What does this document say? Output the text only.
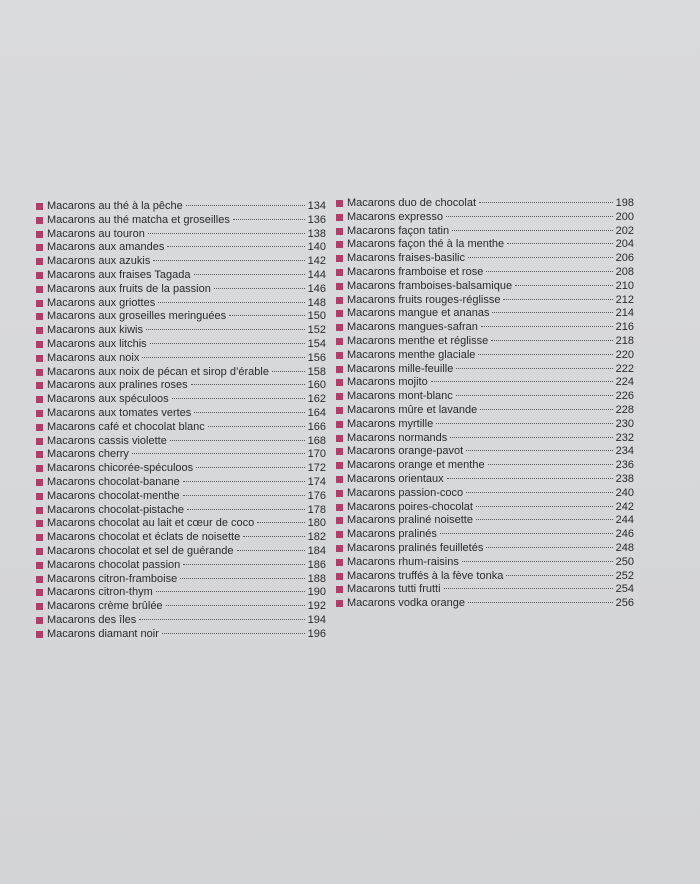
Macarons au thé à la pêche	134
Macarons au thé matcha et groseilles	136
Macarons au touron	138
Macarons aux amandes	140
Macarons aux azukis	142
Macarons aux fraises Tagada	144
Macarons aux fruits de la passion	146
Macarons aux griottes	148
Macarons aux groseilles meringuées	150
Macarons aux kiwis	152
Macarons aux litchis	154
Macarons aux noix	156
Macarons aux noix de pécan et sirop d’érable	158
Macarons aux pralines roses	160
Macarons aux spéculoos	162
Macarons aux tomates vertes	164
Macarons café et chocolat blanc	166
Macarons cassis violette	168
Macarons cherry	170
Macarons chicorée-spéculoos	172
Macarons chocolat-banane	174
Macarons chocolat-menthe	176
Macarons chocolat-pistache	178
Macarons chocolat au lait et cœur de coco	180
Macarons chocolat et éclats de noisette	182
Macarons chocolat et sel de guérande	184
Macarons chocolat passion	186
Macarons citron-framboise	188
Macarons citron-thym	190
Macarons crème brûlée	192
Macarons des îles	194
Macarons diamant noir	196
Macarons duo de chocolat	198
Macarons expresso	200
Macarons façon tatin	202
Macarons façon thé à la menthe	204
Macarons fraises-basilic	206
Macarons framboise et rose	208
Macarons framboises-balsamique	210
Macarons fruits rouges-réglisse	212
Macarons mangue et ananas	214
Macarons mangues-safran	216
Macarons menthe et réglisse	218
Macarons menthe glaciale	220
Macarons mille-feuille	222
Macarons mojito	224
Macarons mont-blanc	226
Macarons mûre et lavande	228
Macarons myrtille	230
Macarons normands	232
Macarons orange-pavot	234
Macarons orange et menthe	236
Macarons orientaux	238
Macarons passion-coco	240
Macarons poires-chocolat	242
Macarons praliné noisette	244
Macarons pralinés	246
Macarons pralinés feuilletés	248
Macarons rhum-raisins	250
Macarons truffés à la fève tonka	252
Macarons tutti frutti	254
Macarons vodka orange	256
